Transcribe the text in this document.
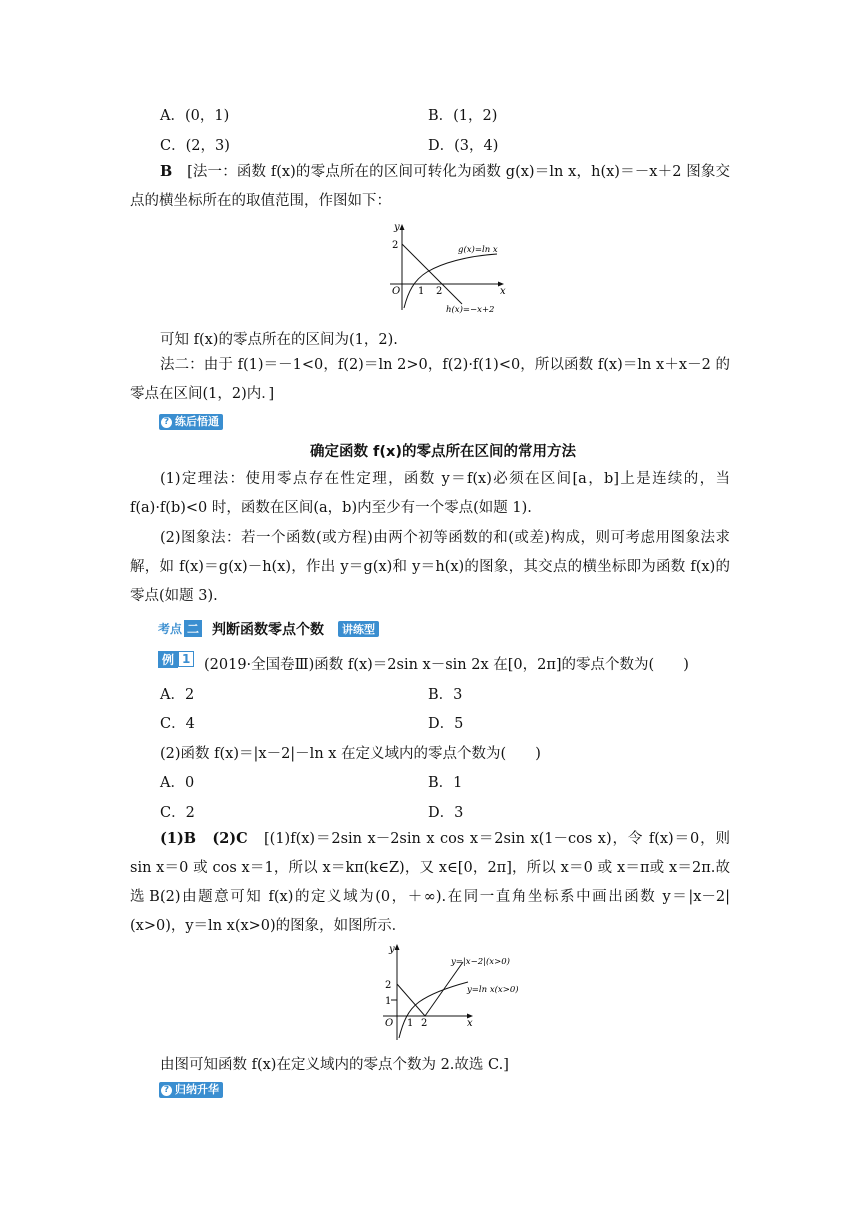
A．(0，1)	B．(1，2)
C．(2，3)	D．(3，4)
B　 [法一：函数 f(x)的零点所在的区间可转化为函数 g(x)＝ln x，h(x)＝－x＋2 图象交点的横坐标所在的取值范围，作图如下：
y
x
O
2
1 2
g(x)=ln x
h(x)=−x+2
可知 f(x)的零点所在的区间为(1，2).
法二：由于 f(1)＝－1<0，f(2)＝ln 2>0，f(2)·f(1)<0，所以函数 f(x)＝ln x＋x－2 的零点在区间(1，2)内．]
? 练后悟通
确定函数 f(x)的零点所在区间的常用方法
(1)定理法：使用零点存在性定理，函数 y＝f(x)必须在区间[a，b]上是连续的，当 f(a)·f(b)<0 时，函数在区间(a，b)内至少有一个零点(如题 1).
(2)图象法：若一个函数(或方程)由两个初等函数的和(或差)构成，则可考虑用图象法求解，如 f(x)＝g(x)－h(x)，作出 y＝g(x)和 y＝h(x)的图象，其交点的横坐标即为函数 f(x)的零点(如题 3).
考点 二 判断函数零点个数	讲练型
例 1 (2019·全国卷Ⅲ)函数 f(x)＝2sin x－sin 2x 在[0，2π]的零点个数为(　　)
A．2	B．3
C．4	D．5
(2)函数 f(x)＝|x－2|－ln x 在定义域内的零点个数为(　　)
A．0	B．1
C．2	D．3
(1)B　(2)C　 [(1)f(x)＝2sin x－2sin x cos x＝2sin x(1－cos x)，令 f(x)＝0，则 sin x＝0 或 cos x＝1，所以 x＝kπ(k∈Z)，又 x∈[0，2π]，所以 x＝0 或 x＝π或 x＝2π.故选 B.
(2)由题意可知 f(x)的定义域为(0，＋∞).在同一直角坐标系中画出函数 y＝|x－2|(x>0)，y＝ln x(x>0)的图象，如图所示．
y
x
O
2
1
1 2
y=|x−2|(x>0)
y=ln x(x>0)
由图可知函数 f(x)在定义域内的零点个数为 2.故选 C.]
? 归纳升华
